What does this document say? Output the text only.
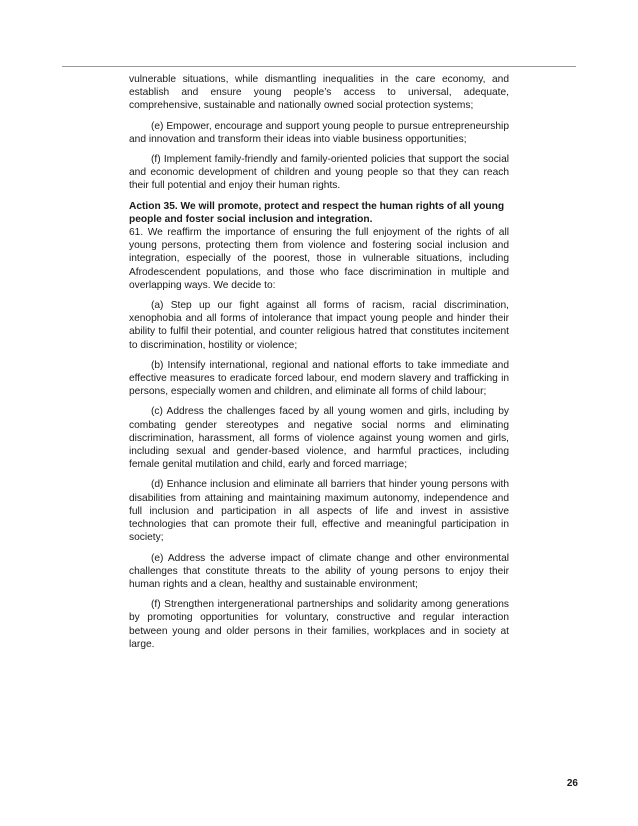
vulnerable situations, while dismantling inequalities in the care economy, and establish and ensure young people’s access to universal, adequate, comprehensive, sustainable and nationally owned social protection systems;

(e) Empower, encourage and support young people to pursue entrepreneurship and innovation and transform their ideas into viable business opportunities;

(f) Implement family-friendly and family-oriented policies that support the social and economic development of children and young people so that they can reach their full potential and enjoy their human rights.

Action 35. We will promote, protect and respect the human rights of all young people and foster social inclusion and integration.

61. We reaffirm the importance of ensuring the full enjoyment of the rights of all young persons, protecting them from violence and fostering social inclusion and integration, especially of the poorest, those in vulnerable situations, including Afrodescendent populations, and those who face discrimination in multiple and overlapping ways. We decide to:

(a) Step up our fight against all forms of racism, racial discrimination, xenophobia and all forms of intolerance that impact young people and hinder their ability to fulfil their potential, and counter religious hatred that constitutes incitement to discrimination, hostility or violence;

(b) Intensify international, regional and national efforts to take immediate and effective measures to eradicate forced labour, end modern slavery and trafficking in persons, especially women and children, and eliminate all forms of child labour;

(c) Address the challenges faced by all young women and girls, including by combating gender stereotypes and negative social norms and eliminating discrimination, harassment, all forms of violence against young women and girls, including sexual and gender-based violence, and harmful practices, including female genital mutilation and child, early and forced marriage;

(d) Enhance inclusion and eliminate all barriers that hinder young persons with disabilities from attaining and maintaining maximum autonomy, independence and full inclusion and participation in all aspects of life and invest in assistive technologies that can promote their full, effective and meaningful participation in society;

(e) Address the adverse impact of climate change and other environmental challenges that constitute threats to the ability of young persons to enjoy their human rights and a clean, healthy and sustainable environment;

(f) Strengthen intergenerational partnerships and solidarity among generations by promoting opportunities for voluntary, constructive and regular interaction between young and older persons in their families, workplaces and in society at large.

26
